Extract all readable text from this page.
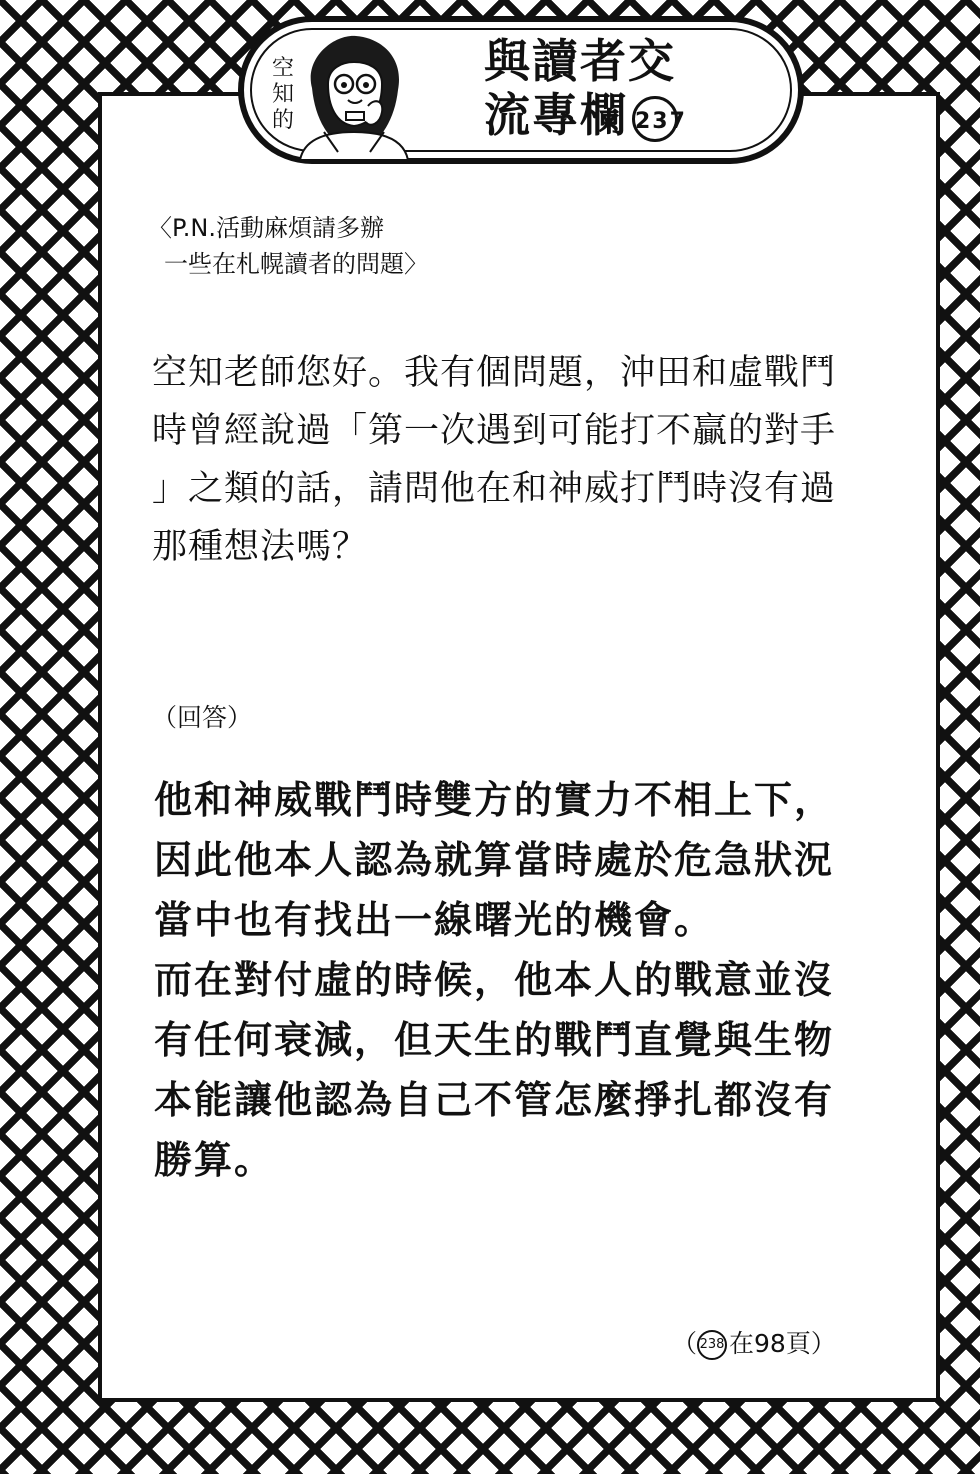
空
知
的
與讀者交
流專欄 237
〈P.N.活動麻煩請多辦
一些在札幌讀者的問題〉
空知老師您好。我有個問題，沖田和虛戰鬥
時曾經說過「第一次遇到可能打不贏的對手
」之類的話，請問他在和神威打鬥時沒有過
那種想法嗎？
（回答）
他和神威戰鬥時雙方的實力不相上下，
因此他本人認為就算當時處於危急狀況
當中也有找出一線曙光的機會。
而在對付虛的時候，他本人的戰意並沒
有任何衰減，但天生的戰鬥直覺與生物
本能讓他認為自己不管怎麼掙扎都沒有
勝算。
（ 238 在98頁）
